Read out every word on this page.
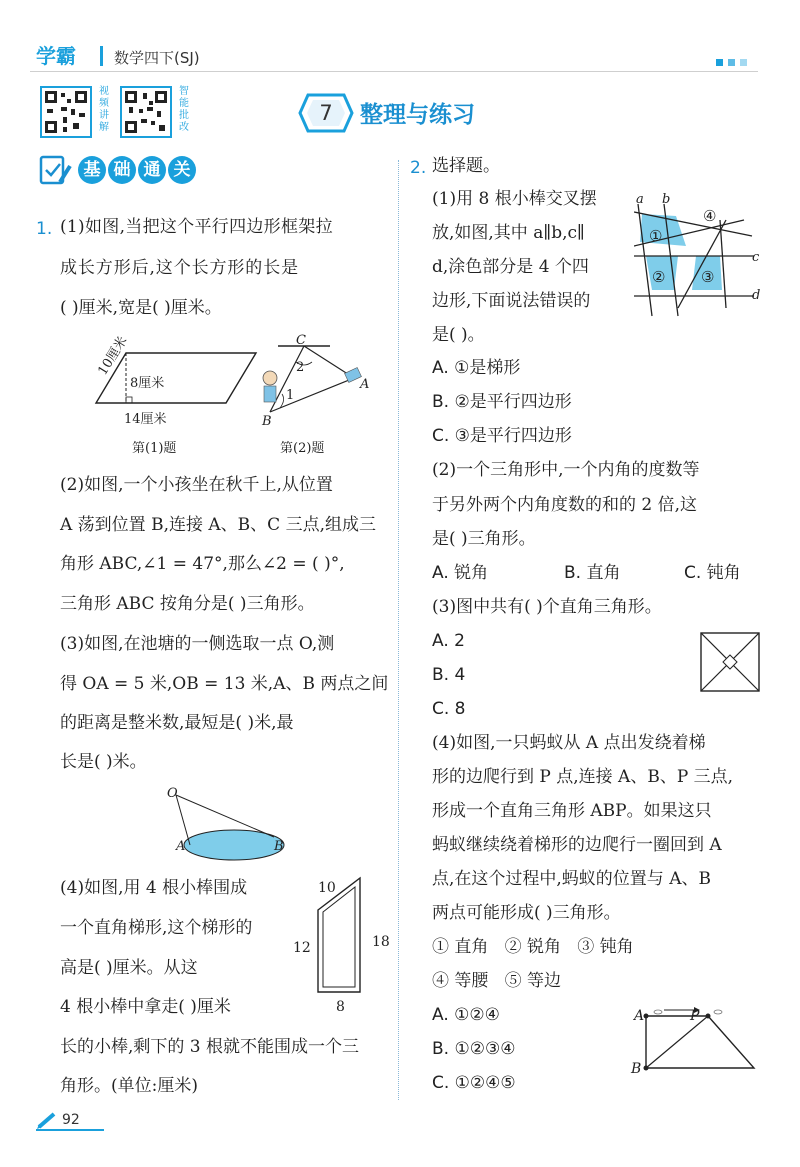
学霸	数学四下(SJ)
视频讲解
智能批改
7	整理与练习
基 础 通 关
1. (1)如图,当把这个平行四边形框架拉
成长方形后,这个长方形的长是
( )厘米,宽是( )厘米。
10厘米
8厘米
14厘米
第(1)题
C
2
1
A
B
第(2)题
(2)如图,一个小孩坐在秋千上,从位置
A 荡到位置 B,连接 A、B、C 三点,组成三
角形 ABC,∠1 = 47°,那么∠2 = ( )°,
三角形 ABC 按角分是( )三角形。
(3)如图,在池塘的一侧选取一点 O,测
得 OA = 5 米,OB = 13 米,A、B 两点之间
的距离是整米数,最短是( )米,最
长是( )米。
O
A	B
(4)如图,用 4 根小棒围成
一个直角梯形,这个梯形的
高是( )厘米。从这
4 根小棒中拿走( )厘米
长的小棒,剩下的 3 根就不能围成一个三
角形。(单位:厘米)
10
12	18
8
2. 选择题。
(1)用 8 根小棒交叉摆
放,如图,其中 a∥b,c∥
d,涂色部分是 4 个四
边形,下面说法错误的
是( )。
a b
c
d
①
② ③
④
A. ①是梯形
B. ②是平行四边形
C. ③是平行四边形
(2)一个三角形中,一个内角的度数等
于另外两个内角度数的和的 2 倍,这
是( )三角形。
A. 锐角	B. 直角	C. 钝角
(3)图中共有( )个直角三角形。
A. 2
B. 4
C. 8
(4)如图,一只蚂蚁从 A 点出发绕着梯
形的边爬行到 P 点,连接 A、B、P 三点,
形成一个直角三角形 ABP。如果这只
蚂蚁继续绕着梯形的边爬行一圈回到 A
点,在这个过程中,蚂蚁的位置与 A、B
两点可能形成( )三角形。
① 直角   ② 锐角   ③ 钝角
④ 等腰   ⑤ 等边
A. ①②④
B. ①②③④
C. ①②④⑤
A	P
B
92
